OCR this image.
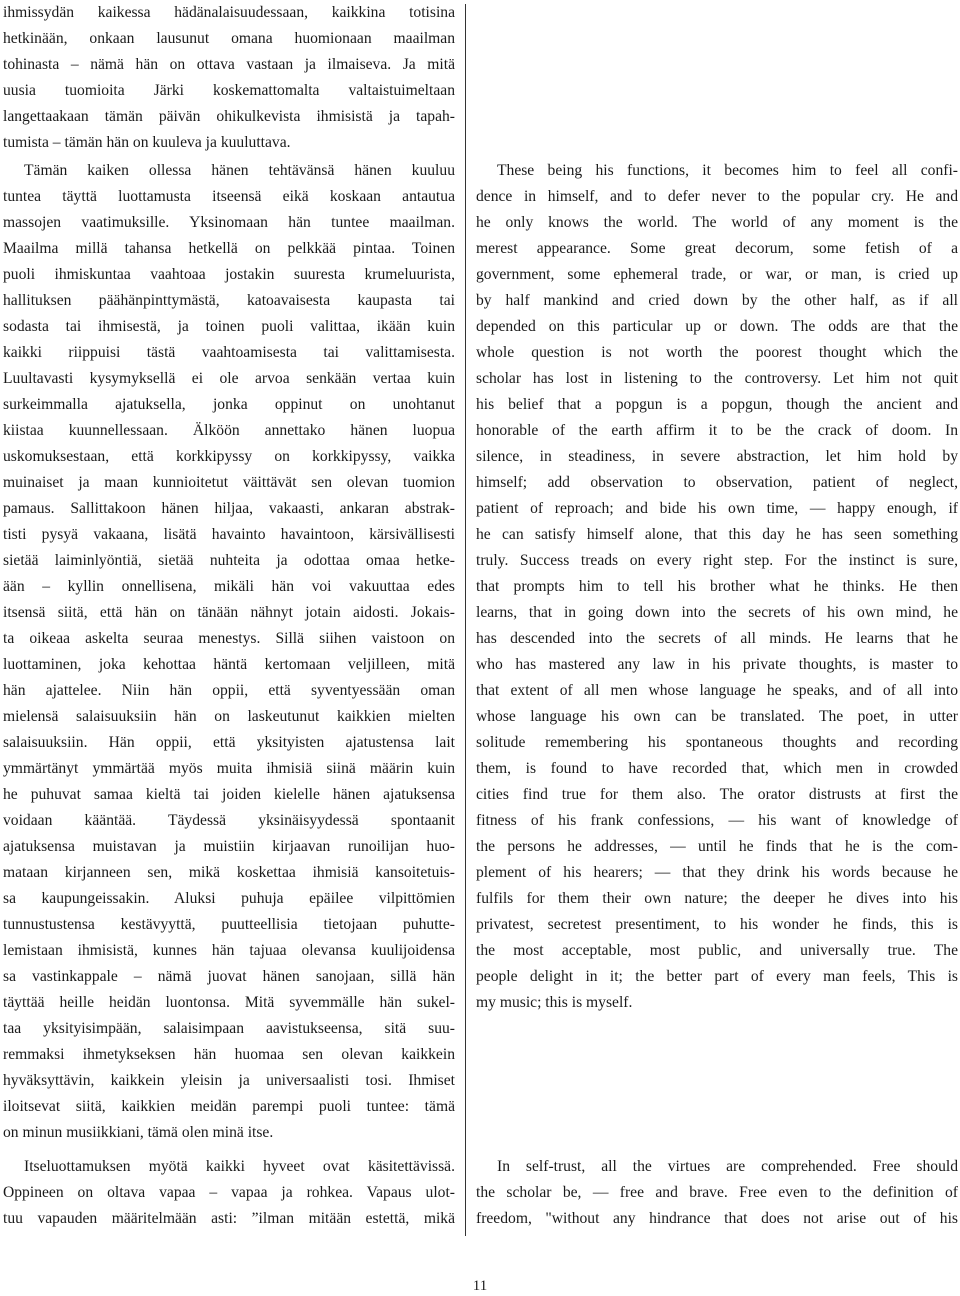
ihmissydän kaikessa hädänalaisuudessaan, kaikkina totisina
hetkinään, onkaan lausunut omana huomionaan maailman
tohinasta – nämä hän on ottava vastaan ja ilmaiseva. Ja mitä
uusia tuomioita Järki koskemattomalta valtaistuimeltaan
langettaakaan tämän päivän ohikulkevista ihmisistä ja tapah-
tumista – tämän hän on kuuleva ja kuuluttava.
Tämän kaiken ollessa hänen tehtävänsä hänen kuuluu
tuntea täyttä luottamusta itseensä eikä koskaan antautua
massojen vaatimuksille. Yksinomaan hän tuntee maailman.
Maailma millä tahansa hetkellä on pelkkää pintaa. Toinen
puoli ihmiskuntaa vaahtoaa jostakin suuresta krumeluurista,
hallituksen päähänpinttymästä, katoavaisesta kaupasta tai
sodasta tai ihmisestä, ja toinen puoli valittaa, ikään kuin
kaikki riippuisi tästä vaahtoamisesta tai valittamisesta.
Luultavasti kysymyksellä ei ole arvoa senkään vertaa kuin
surkeimmalla ajatuksella, jonka oppinut on unohtanut
kiistaa kuunnellessaan. Älköön annettako hänen luopua
uskomuksestaan, että korkkipyssy on korkkipyssy, vaikka
muinaiset ja maan kunnioitetut väittävät sen olevan tuomion
pamaus. Sallittakoon hänen hiljaa, vakaasti, ankaran abstrak-
tisti pysyä vakaana, lisätä havainto havaintoon, kärsivällisesti
sietää laiminlyöntiä, sietää nuhteita ja odottaa omaa hetke-
ään – kyllin onnellisena, mikäli hän voi vakuuttaa edes
itsensä siitä, että hän on tänään nähnyt jotain aidosti. Jokais-
ta oikeaa askelta seuraa menestys. Sillä siihen vaistoon on
luottaminen, joka kehottaa häntä kertomaan veljilleen, mitä
hän ajattelee. Niin hän oppii, että syventyessään oman
mielensä salaisuuksiin hän on laskeutunut kaikkien mielten
salaisuuksiin. Hän oppii, että yksityisten ajatustensa lait
ymmärtänyt ymmärtää myös muita ihmisiä siinä määrin kuin
he puhuvat samaa kieltä tai joiden kielelle hänen ajatuksensa
voidaan kääntää. Täydessä yksinäisyydessä spontaanit
ajatuksensa muistavan ja muistiin kirjaavan runoilijan huo-
mataan kirjanneen sen, mikä koskettaa ihmisiä kansoitetuis-
sa kaupungeissakin. Aluksi puhuja epäilee vilpittömien
tunnustustensa kestävyyttä, puutteellisia tietojaan puhutte-
lemistaan ihmisistä, kunnes hän tajuaa olevansa kuulijoidensa
sa vastinkappale – nämä juovat hänen sanojaan, sillä hän
täyttää heille heidän luontonsa. Mitä syvemmälle hän sukel-
taa yksityisimpään, salaisimpaan aavistukseensa, sitä suu-
remmaksi ihmetykseksen hän huomaa sen olevan kaikkein
hyväksyttävin, kaikkein yleisin ja universaalisti tosi. Ihmiset
iloitsevat siitä, kaikkien meidän parempi puoli tuntee: tämä
on minun musiikkiani, tämä olen minä itse.
Itseluottamuksen myötä kaikki hyveet ovat käsitettävissä.
Oppineen on oltava vapaa – vapaa ja rohkea. Vapaus ulot-
tuu vapauden määritelmään asti: ”ilman mitään estettä, mikä
These being his functions, it becomes him to feel all confi-
dence in himself, and to defer never to the popular cry. He and
he only knows the world. The world of any moment is the
merest appearance. Some great decorum, some fetish of a
government, some ephemeral trade, or war, or man, is cried up
by half mankind and cried down by the other half, as if all
depended on this particular up or down. The odds are that the
whole question is not worth the poorest thought which the
scholar has lost in listening to the controversy. Let him not quit
his belief that a popgun is a popgun, though the ancient and
honorable of the earth affirm it to be the crack of doom. In
silence, in steadiness, in severe abstraction, let him hold by
himself; add observation to observation, patient of neglect,
patient of reproach; and bide his own time, — happy enough, if
he can satisfy himself alone, that this day he has seen something
truly. Success treads on every right step. For the instinct is sure,
that prompts him to tell his brother what he thinks. He then
learns, that in going down into the secrets of his own mind, he
has descended into the secrets of all minds. He learns that he
who has mastered any law in his private thoughts, is master to
that extent of all men whose language he speaks, and of all into
whose language his own can be translated. The poet, in utter
solitude remembering his spontaneous thoughts and recording
them, is found to have recorded that, which men in crowded
cities find true for them also. The orator distrusts at first the
fitness of his frank confessions, — his want of knowledge of
the persons he addresses, — until he finds that he is the com-
plement of his hearers; — that they drink his words because he
fulfils for them their own nature; the deeper he dives into his
privatest, secretest presentiment, to his wonder he finds, this is
the most acceptable, most public, and universally true. The
people delight in it; the better part of every man feels, This is
my music; this is myself.
In self-trust, all the virtues are comprehended. Free should
the scholar be, — free and brave. Free even to the definition of
freedom, "without any hindrance that does not arise out of his
11
